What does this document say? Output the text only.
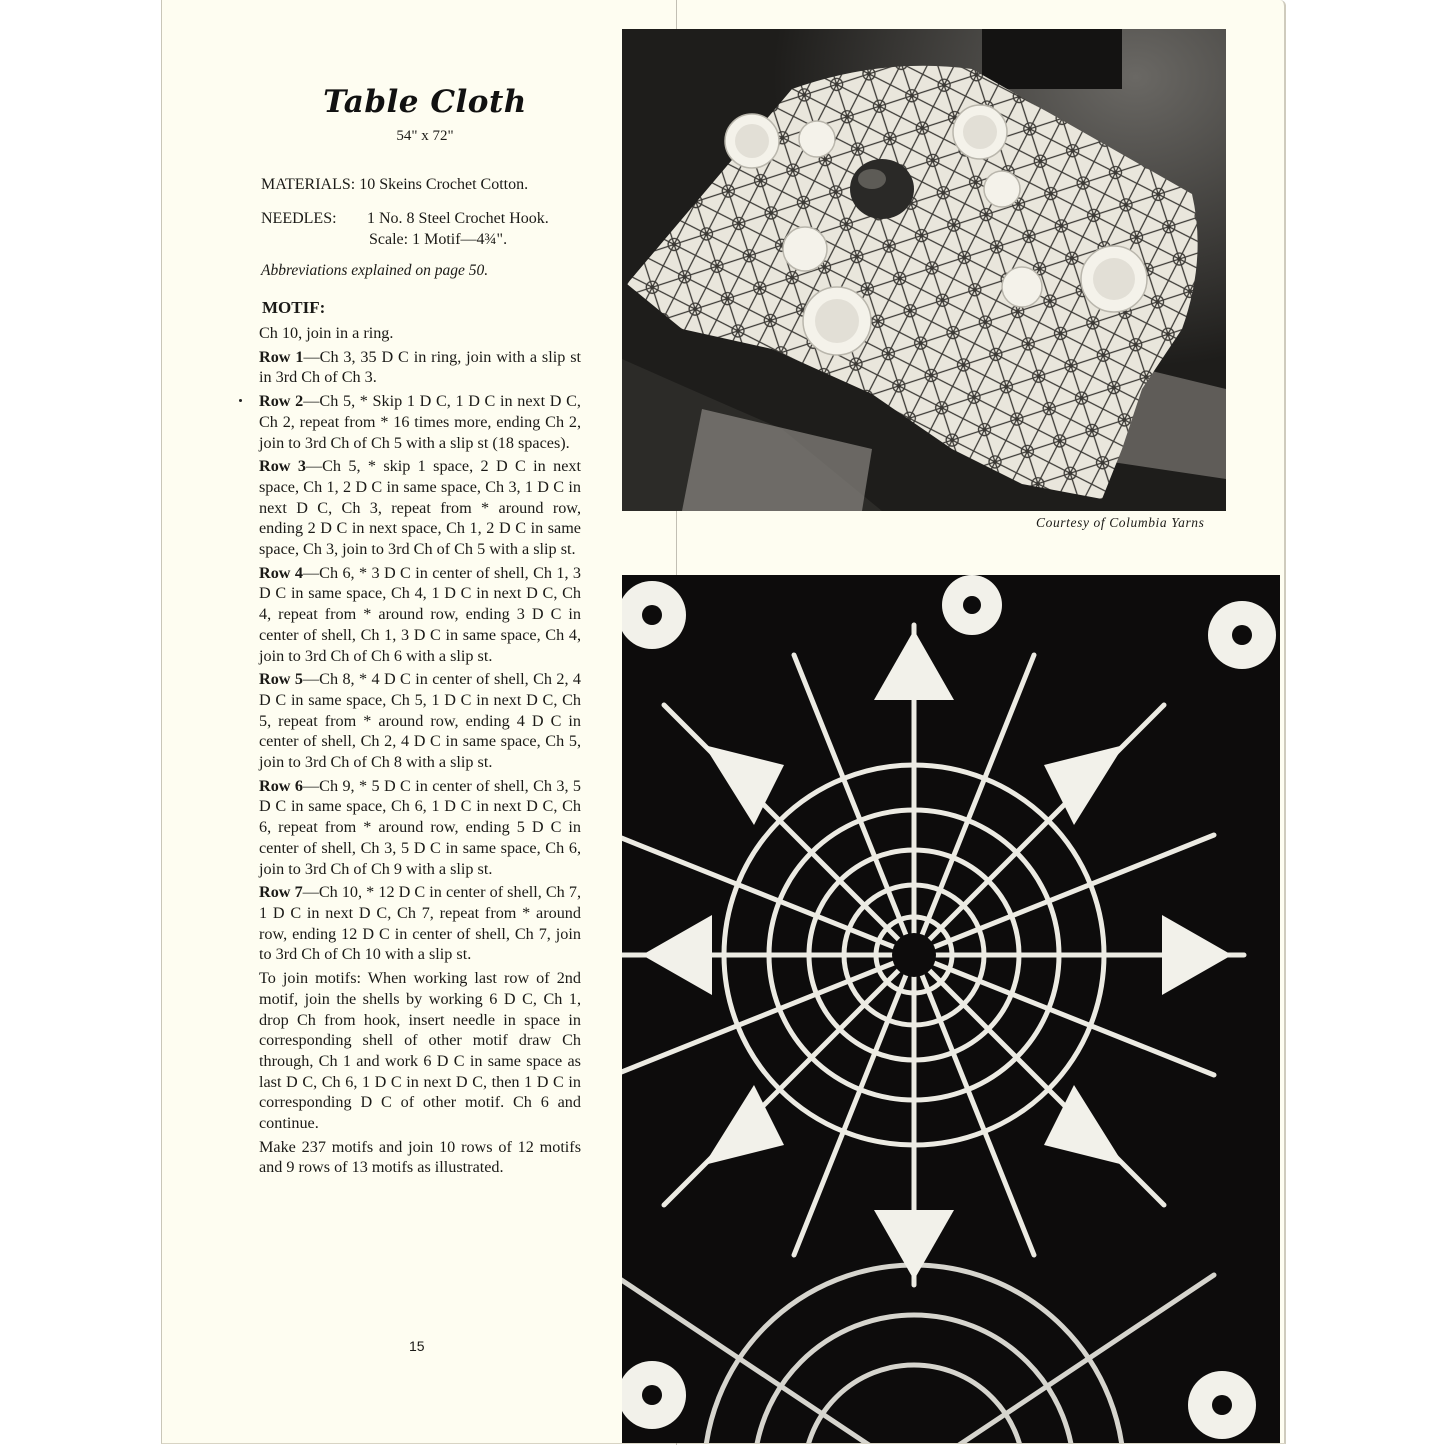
Table Cloth
54" x 72"
MATERIALS: 10 Skeins Crochet Cotton.
NEEDLES: 1 No. 8 Steel Crochet Hook.
Scale: 1 Motif—4¾".
Abbreviations explained on page 50.
MOTIF:

Ch 10, join in a ring.

Row 1—Ch 3, 35 D C in ring, join with a slip st in 3rd Ch of Ch 3.

Row 2—Ch 5, * Skip 1 D C, 1 D C in next D C, Ch 2, repeat from * 16 times more, ending Ch 2, join to 3rd Ch of Ch 5 with a slip st (18 spaces).

Row 3—Ch 5, * skip 1 space, 2 D C in next space, Ch 1, 2 D C in same space, Ch 3, 1 D C in next D C, Ch 3, repeat from * around row, ending 2 D C in next space, Ch 1, 2 D C in same space, Ch 3, join to 3rd Ch of Ch 5 with a slip st.

Row 4—Ch 6, * 3 D C in center of shell, Ch 1, 3 D C in same space, Ch 4, 1 D C in next D C, Ch 4, repeat from * around row, ending 3 D C in center of shell, Ch 1, 3 D C in same space, Ch 4, join to 3rd Ch of Ch 6 with a slip st.

Row 5—Ch 8, * 4 D C in center of shell, Ch 2, 4 D C in same space, Ch 5, 1 D C in next D C, Ch 5, repeat from * around row, ending 4 D C in center of shell, Ch 2, 4 D C in same space, Ch 5, join to 3rd Ch of Ch 8 with a slip st.

Row 6—Ch 9, * 5 D C in center of shell, Ch 3, 5 D C in same space, Ch 6, 1 D C in next D C, Ch 6, repeat from * around row, ending 5 D C in center of shell, Ch 3, 5 D C in same space, Ch 6, join to 3rd Ch of Ch 9 with a slip st.

Row 7—Ch 10, * 12 D C in center of shell, Ch 7, 1 D C in next D C, Ch 7, repeat from * around row, ending 12 D C in center of shell, Ch 7, join to 3rd Ch of Ch 10 with a slip st.

To join motifs: When working last row of 2nd motif, join the shells by working 6 D C, Ch 1, drop Ch from hook, insert needle in space in corresponding shell of other motif draw Ch through, Ch 1 and work 6 D C in same space as last D C, Ch 6, 1 D C in next D C, then 1 D C in corresponding D C of other motif. Ch 6 and continue.

Make 237 motifs and join 10 rows of 12 motifs and 9 rows of 13 motifs as illustrated.

15
Courtesy of Columbia Yarns
